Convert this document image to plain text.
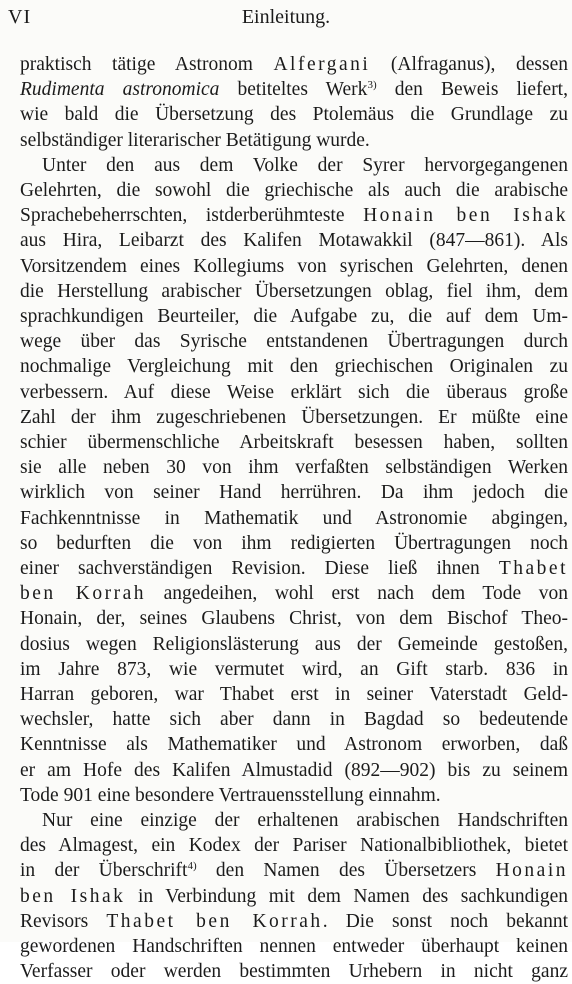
VI	Einleitung.
praktisch tätige Astronom Alfergani (Alfraganus), dessen
Rudimenta astronomica betiteltes Werk$^{3)}$ den Beweis liefert,
wie bald die Übersetzung des Ptolemäus die Grundlage zu
selbständiger literarischer Betätigung wurde.
Unter den aus dem Volke der Syrer hervorgegangenen
Gelehrten, die sowohl die griechische als auch die arabische
Sprachebeherrschten, istderberühmteste Honain ben Ishak
aus Hira, Leibarzt des Kalifen Motawakkil (847—861). Als
Vorsitzendem eines Kollegiums von syrischen Gelehrten, denen
die Herstellung arabischer Übersetzungen oblag, fiel ihm, dem
sprachkundigen Beurteiler, die Aufgabe zu, die auf dem Um-
wege über das Syrische entstandenen Übertragungen durch
nochmalige Vergleichung mit den griechischen Originalen zu
verbessern. Auf diese Weise erklärt sich die überaus große
Zahl der ihm zugeschriebenen Übersetzungen. Er müßte eine
schier übermenschliche Arbeitskraft besessen haben, sollten
sie alle neben 30 von ihm verfaßten selbständigen Werken
wirklich von seiner Hand herrühren. Da ihm jedoch die
Fachkenntnisse in Mathematik und Astronomie abgingen,
so bedurften die von ihm redigierten Übertragungen noch
einer sachverständigen Revision. Diese ließ ihnen Thabet
ben Korrah angedeihen, wohl erst nach dem Tode von
Honain, der, seines Glaubens Christ, von dem Bischof Theo-
dosius wegen Religionslästerung aus der Gemeinde gestoßen,
im Jahre 873, wie vermutet wird, an Gift starb. 836 in
Harran geboren, war Thabet erst in seiner Vaterstadt Geld-
wechsler, hatte sich aber dann in Bagdad so bedeutende
Kenntnisse als Mathematiker und Astronom erworben, daß
er am Hofe des Kalifen Almustadid (892—902) bis zu seinem
Tode 901 eine besondere Vertrauensstellung einnahm.
Nur eine einzige der erhaltenen arabischen Handschriften
des Almagest, ein Kodex der Pariser Nationalbibliothek, bietet
in der Überschrift$^{4)}$ den Namen des Übersetzers Honain
ben Ishak in Verbindung mit dem Namen des sachkundigen
Revisors Thabet ben Korrah. Die sonst noch bekannt
gewordenen Handschriften nennen entweder überhaupt keinen
Verfasser oder werden bestimmten Urhebern in nicht ganz
